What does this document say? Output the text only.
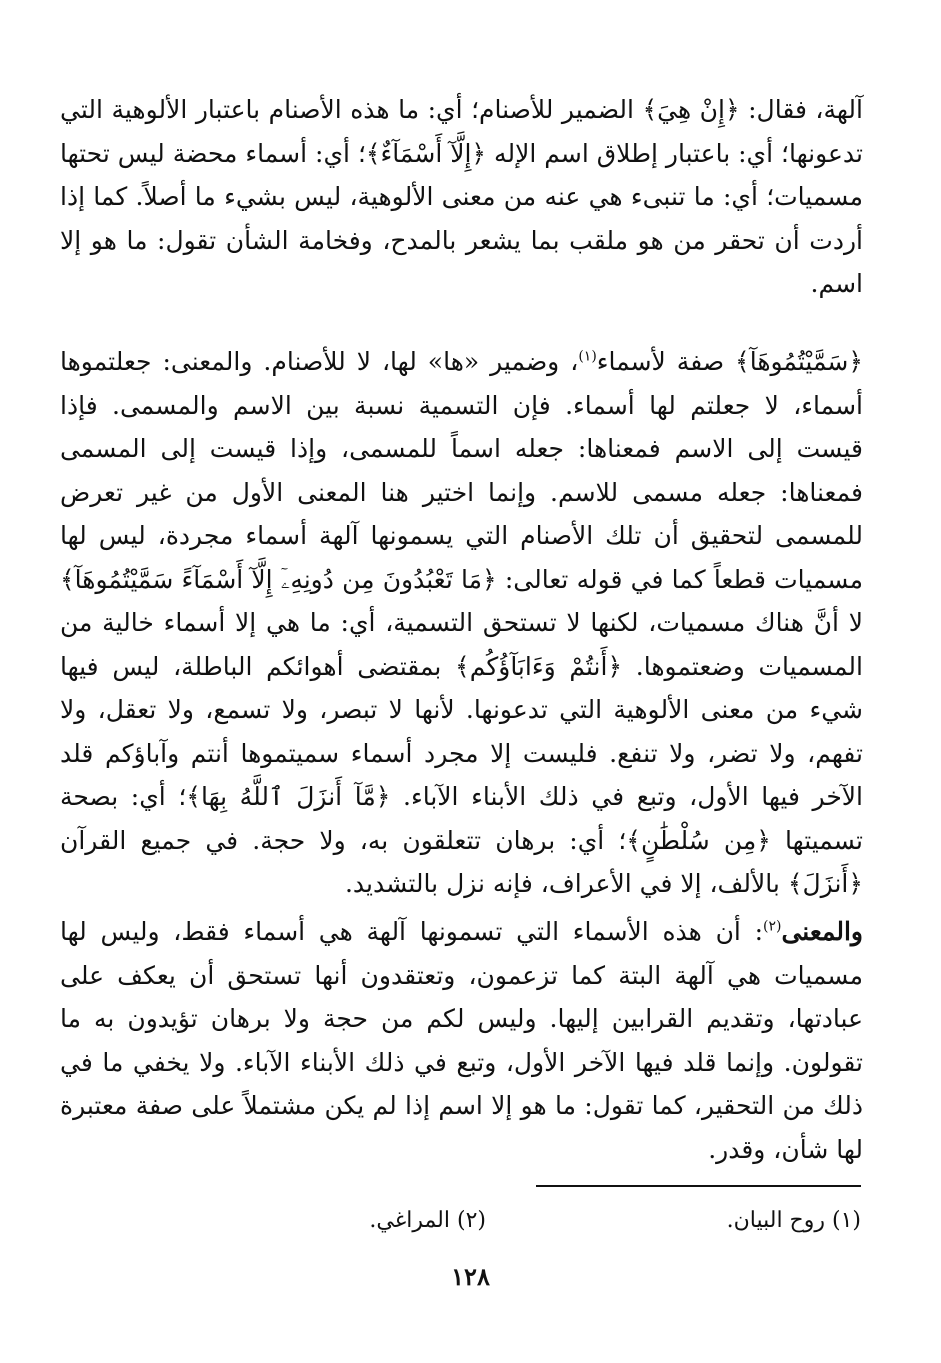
آلهة، فقال: ﴿إِنْ هِيَ﴾ الضمير للأصنام؛ أي: ما هذه الأصنام باعتبار الألوهية التي تدعونها؛ أي: باعتبار إطلاق اسم الإله ﴿إِلَّآ أَسْمَآءٌ﴾؛ أي: أسماء محضة ليس تحتها مسميات؛ أي: ما تنبىء هي عنه من معنى الألوهية، ليس بشيء ما أصلاً. كما إذا أردت أن تحقر من هو ملقب بما يشعر بالمدح، وفخامة الشأن تقول: ما هو إلا اسم.

﴿سَمَّيْتُمُوهَآ﴾ صفة لأسماء$^{(١)}$، وضمير «ها» لها، لا للأصنام. والمعنى: جعلتموها أسماء، لا جعلتم لها أسماء. فإن التسمية نسبة بين الاسم والمسمى. فإذا قيست إلى الاسم فمعناها: جعله اسماً للمسمى، وإذا قيست إلى المسمى فمعناها: جعله مسمى للاسم. وإنما اختير هنا المعنى الأول من غير تعرض للمسمى لتحقيق أن تلك الأصنام التي يسمونها آلهة أسماء مجردة، ليس لها مسميات قطعاً كما في قوله تعالى: ﴿مَا تَعْبُدُونَ مِن دُونِهِۦٓ إِلَّآ أَسْمَآءً سَمَّيْتُمُوهَآ﴾ لا أنَّ هناك مسميات، لكنها لا تستحق التسمية، أي: ما هي إلا أسماء خالية من المسميات وضعتموها. ﴿أَنتُمْ وَءَابَآؤُكُم﴾ بمقتضى أهوائكم الباطلة، ليس فيها شيء من معنى الألوهية التي تدعونها. لأنها لا تبصر، ولا تسمع، ولا تعقل، ولا تفهم، ولا تضر، ولا تنفع. فليست إلا مجرد أسماء سميتموها أنتم وآباؤكم قلد الآخر فيها الأول، وتبع في ذلك الأبناء الآباء. ﴿مَّآ أَنزَلَ ٱللَّهُ بِهَا﴾؛ أي: بصحة تسميتها ﴿مِن سُلْطَٰنٍ﴾؛ أي: برهان تتعلقون به، ولا حجة. في جميع القرآن ﴿أَنزَلَ﴾ بالألف، إلا في الأعراف، فإنه نزل بالتشديد.

والمعنى$^{(٢)}$: أن هذه الأسماء التي تسمونها آلهة هي أسماء فقط، وليس لها مسميات هي آلهة البتة كما تزعمون، وتعتقدون أنها تستحق أن يعكف على عبادتها، وتقديم القرابين إليها. وليس لكم من حجة ولا برهان تؤيدون به ما تقولون. وإنما قلد فيها الآخر الأول، وتبع في ذلك الأبناء الآباء. ولا يخفي ما في ذلك من التحقير، كما تقول: ما هو إلا اسم إذا لم يكن مشتملاً على صفة معتبرة لها شأن، وقدر.

(١) روح البيان.
(٢) المراغي.
١٢٨
